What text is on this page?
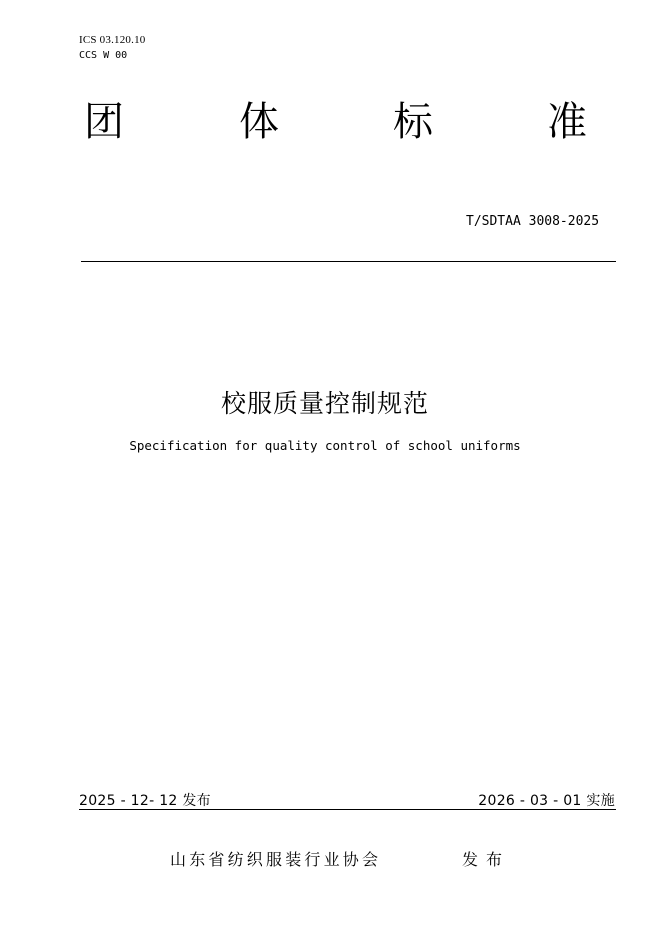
ICS 03.120.10
CCS W 00
团	体	标	准
T/SDTAA 3008-2025
校服质量控制规范
Specification for quality control of school uniforms
2025 - 12- 12 发布	2026 - 03 - 01 实施
山东省纺织服装行业协会	发布
